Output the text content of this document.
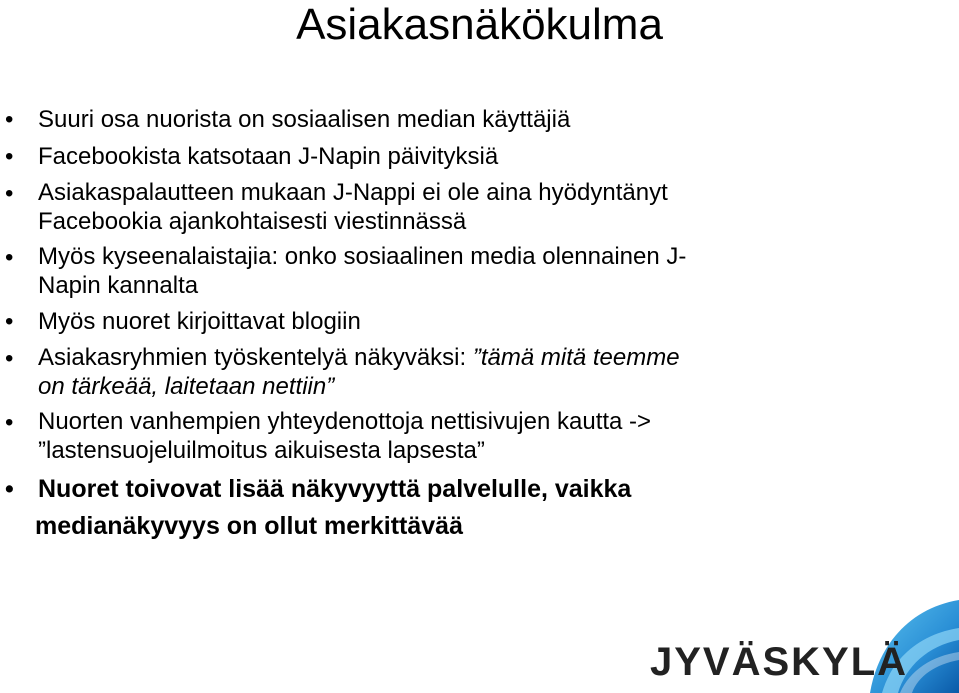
Asiakasnäkökulma
• Suuri osa nuorista on sosiaalisen median käyttäjiä
• Facebookista katsotaan J-Napin päivityksiä
• Asiakaspalautteen mukaan J-Nappi ei ole aina hyödyntänyt
Facebookia ajankohtaisesti viestinnässä
• Myös kyseenalaistajia: onko sosiaalinen media olennainen J-
Napin kannalta
• Myös nuoret kirjoittavat blogiin
• Asiakasryhmien työskentelyä näkyväksi: ”tämä mitä teemme
on tärkeää, laitetaan nettiin”
• Nuorten vanhempien yhteydenottoja nettisivujen kautta ->
”lastensuojeluilmoitus aikuisesta lapsesta”
• Nuoret toivovat lisää näkyvyyttä palvelulle, vaikka
medianäkyvyys on ollut merkittävää
JYVÄSKYLÄ
